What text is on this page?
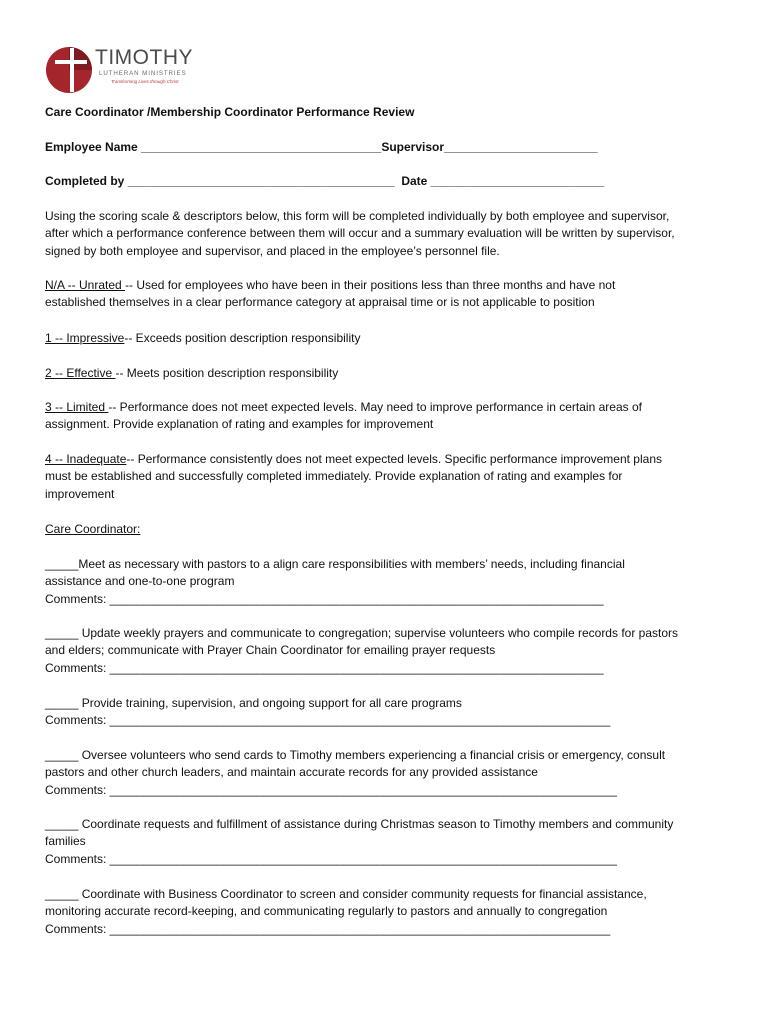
TIMOTHY
LUTHERAN MINISTRIES
Transforming Lives through Christ
Care Coordinator /Membership Coordinator Performance Review
Employee Name ____________________________________Supervisor_______________________
Completed by ________________________________________ Date __________________________
Using the scoring scale & descriptors below, this form will be completed individually by both employee and supervisor,
after which a performance conference between them will occur and a summary evaluation will be written by supervisor,
signed by both employee and supervisor, and placed in the employee’s personnel file.
N/A -- Unrated -- Used for employees who have been in their positions less than three months and have not
established themselves in a clear performance category at appraisal time or is not applicable to position
1 -- Impressive-- Exceeds position description responsibility
2 -- Effective -- Meets position description responsibility
3 -- Limited -- Performance does not meet expected levels. May need to improve performance in certain areas of
assignment. Provide explanation of rating and examples for improvement
4 -- Inadequate-- Performance consistently does not meet expected levels. Specific performance improvement plans
must be established and successfully completed immediately. Provide explanation of rating and examples for
improvement
Care Coordinator:
_____Meet as necessary with pastors to a align care responsibilities with members’ needs, including financial
assistance and one-to-one program
Comments: __________________________________________________________________________
_____ Update weekly prayers and communicate to congregation; supervise volunteers who compile records for pastors
and elders; communicate with Prayer Chain Coordinator for emailing prayer requests
Comments: __________________________________________________________________________
_____ Provide training, supervision, and ongoing support for all care programs
Comments: ___________________________________________________________________________
_____ Oversee volunteers who send cards to Timothy members experiencing a financial crisis or emergency, consult
pastors and other church leaders, and maintain accurate records for any provided assistance
Comments: ____________________________________________________________________________
_____ Coordinate requests and fulfillment of assistance during Christmas season to Timothy members and community
families
Comments: ____________________________________________________________________________
_____ Coordinate with Business Coordinator to screen and consider community requests for financial assistance,
monitoring accurate record-keeping, and communicating regularly to pastors and annually to congregation
Comments: ___________________________________________________________________________
